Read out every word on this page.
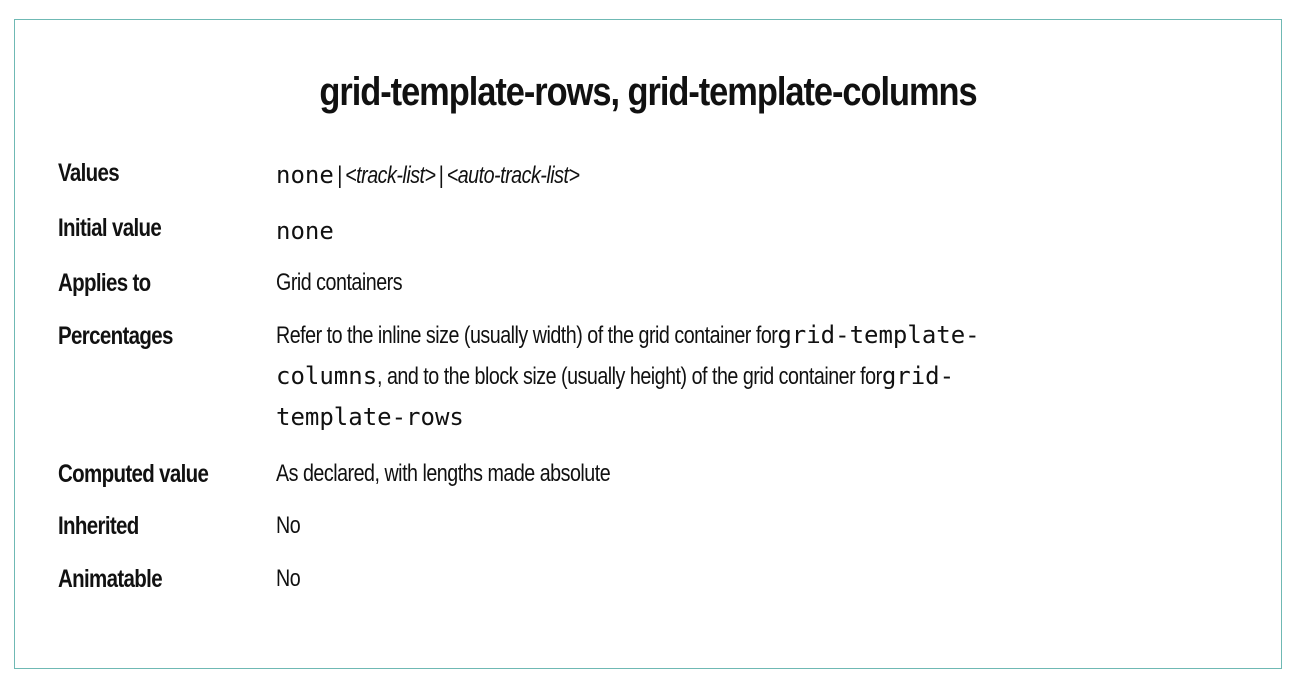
grid-template-rows, grid-template-columns
Values	none | <track-list> | <auto-track-list>
Initial value	none
Applies to	Grid containers
Percentages	Refer to the inline size (usually width) of the grid container for grid-template-
columns , and to the block size (usually height) of the grid container for grid-
template-rows
Computed value	As declared, with lengths made absolute
Inherited	No
Animatable	No
